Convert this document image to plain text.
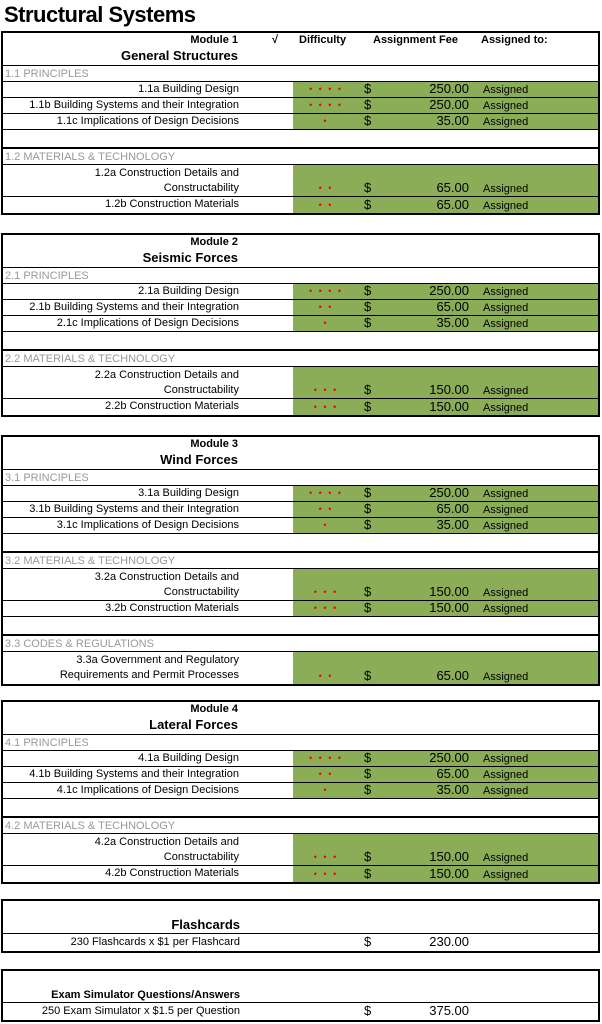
Structural Systems
Module 1
General Structures
√ Difficulty Assignment Fee Assigned to:
1.1 PRINCIPLES
1.1a Building Design	• • • •	$	250.00 Assigned
1.1b Building Systems and their Integration	• • • •	$	250.00 Assigned
1.1c Implications of Design Decisions	•	$	35.00 Assigned
1.2 MATERIALS & TECHNOLOGY
1.2a Construction Details and
Constructability	• •	$	65.00 Assigned
1.2b Construction Materials	• •	$	65.00 Assigned
Module 2
Seismic Forces
2.1 PRINCIPLES
2.1a Building Design	• • • •	$	250.00 Assigned
2.1b Building Systems and their Integration	• •	$	65.00 Assigned
2.1c Implications of Design Decisions	•	$	35.00 Assigned
2.2 MATERIALS & TECHNOLOGY
2.2a Construction Details and
Constructability	• • •	$	150.00 Assigned
2.2b Construction Materials	• • •	$	150.00 Assigned
Module 3
Wind Forces
3.1 PRINCIPLES
3.1a Building Design	• • • •	$	250.00 Assigned
3.1b Building Systems and their Integration	• •	$	65.00 Assigned
3.1c Implications of Design Decisions	•	$	35.00 Assigned
3.2 MATERIALS & TECHNOLOGY
3.2a Construction Details and
Constructability	• • •	$	150.00 Assigned
3.2b Construction Materials	• • •	$	150.00 Assigned
3.3 CODES & REGULATIONS
3.3a Government and Regulatory
Requirements and Permit Processes	• •	$	65.00 Assigned
Module 4
Lateral Forces
4.1 PRINCIPLES
4.1a Building Design	• • • •	$	250.00 Assigned
4.1b Building Systems and their Integration	• •	$	65.00 Assigned
4.1c Implications of Design Decisions	•	$	35.00 Assigned
4.2 MATERIALS & TECHNOLOGY
4.2a Construction Details and
Constructability	• • •	$	150.00 Assigned
4.2b Construction Materials	• • •	$	150.00 Assigned
Flashcards
230 Flashcards x $1 per Flashcard	$	230.00
Exam Simulator Questions/Answers
250 Exam Simulator x $1.5 per Question	$	375.00
